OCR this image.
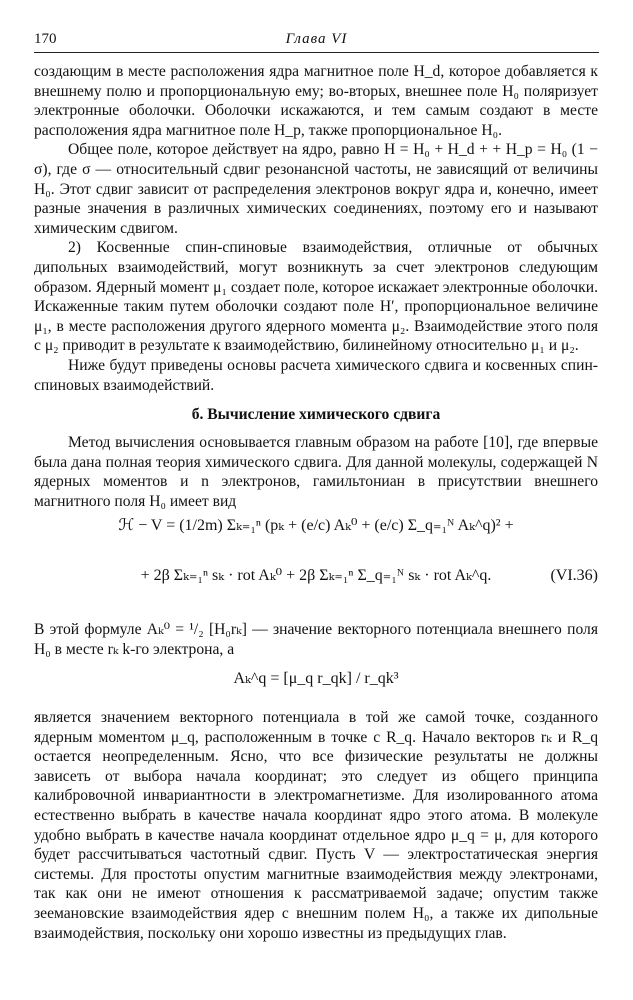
170	Глава VI

создающим в месте расположения ядра магнитное поле H_d, которое добавляется к внешнему полю и пропорциональную ему; во-вторых, внешнее поле H₀ поляризует электронные оболочки. Оболочки искажаются, и тем самым создают в месте расположения ядра магнитное поле H_p, также пропорциональное H₀.

Общее поле, которое действует на ядро, равно H = H₀ + H_d + + H_p = H₀ (1 − σ), где σ — относительный сдвиг резонансной частоты, не зависящий от величины H₀. Этот сдвиг зависит от распределения электронов вокруг ядра и, конечно, имеет разные значения в различных химических соединениях, поэтому его и называют химическим сдвигом.

2) Косвенные спин-спиновые взаимодействия, отличные от обычных дипольных взаимодействий, могут возникнуть за счет электронов следующим образом. Ядерный момент μ₁ создает поле, которое искажает электронные оболочки. Искаженные таким путем оболочки создают поле H′, пропорциональное величине μ₁, в месте расположения другого ядерного момента μ₂. Взаимодействие этого поля с μ₂ приводит в результате к взаимодействию, билинейному относительно μ₁ и μ₂.

Ниже будут приведены основы расчета химического сдвига и косвенных спин-спиновых взаимодействий.

б. Вычисление химического сдвига

Метод вычисления основывается главным образом на работе [10], где впервые была дана полная теория химического сдвига. Для данной молекулы, содержащей N ядерных моментов и n электронов, гамильтониан в присутствии внешнего магнитного поля H₀ имеет вид

ℋ − V = (1/2m) Σₖ₌₁ⁿ (pₖ + (e/c) Aₖ⁰ + (e/c) Σ_q₌₁ᴺ Aₖ^q)² +
+ 2β Σₖ₌₁ⁿ sₖ · rot Aₖ⁰ + 2β Σₖ₌₁ⁿ Σ_q₌₁ᴺ sₖ · rot Aₖ^q.	(VI.36)

В этой формуле Aₖ⁰ = ¹/₂ [H₀rₖ] — значение векторного потенциала внешнего поля H₀ в месте rₖ k-го электрона, а

Aₖ^q = [μ_q r_qk] / r_qk³

является значением векторного потенциала в той же самой точке, созданного ядерным моментом μ_q, расположенным в точке с R_q. Начало векторов rₖ и R_q остается неопределенным. Ясно, что все физические результаты не должны зависеть от выбора начала координат; это следует из общего принципа калибровочной инвариантности в электромагнетизме. Для изолированного атома естественно выбрать в качестве начала координат ядро этого атома. В молекуле удобно выбрать в качестве начала координат отдельное ядро μ_q = μ, для которого будет рассчитываться частотный сдвиг. Пусть V — электростатическая энергия системы. Для простоты опустим магнитные взаимодействия между электронами, так как они не имеют отношения к рассматриваемой задаче; опустим также зеемановские взаимодействия ядер с внешним полем H₀, а также их дипольные взаимодействия, поскольку они хорошо известны из предыдущих глав.
